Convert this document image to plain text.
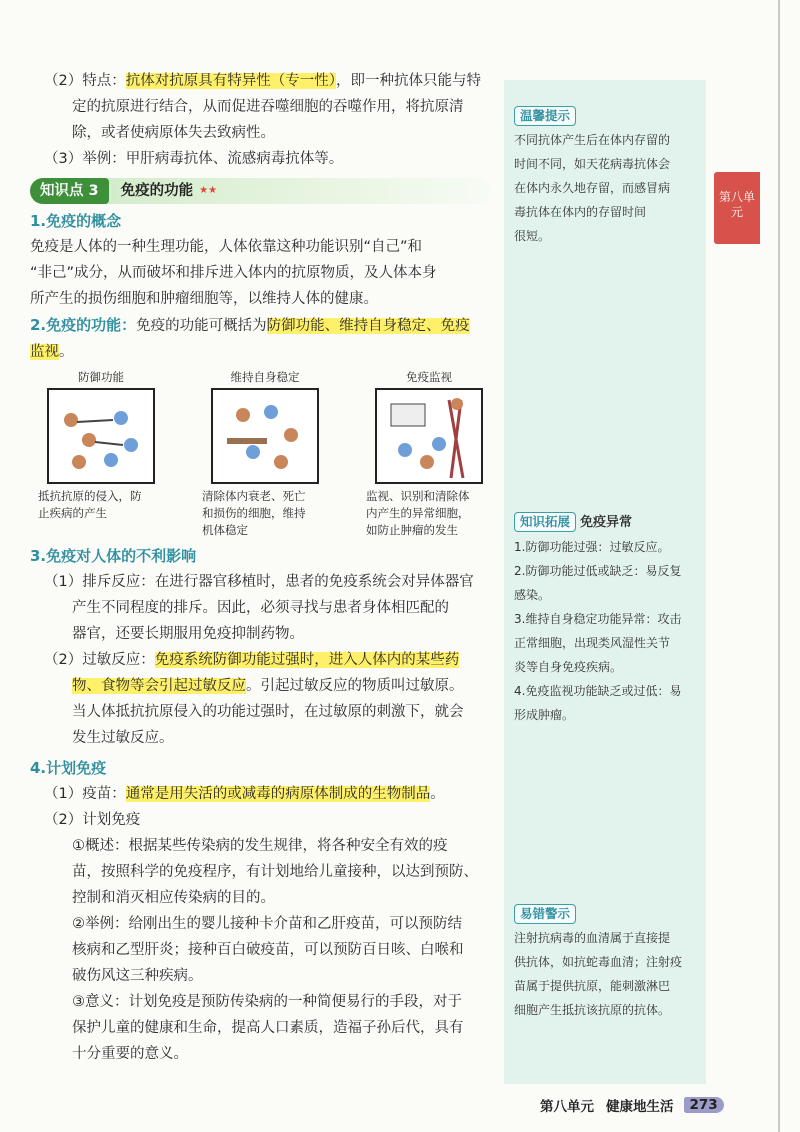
第八单元

（2）特点：抗体对抗原具有特异性（专一性），即一种抗体只能与特

定的抗原进行结合，从而促进吞噬细胞的吞噬作用，将抗原清

除，或者使病原体失去致病性。

（3）举例：甲肝病毒抗体、流感病毒抗体等。

知识点 3	免疫的功能 ★★
1.免疫的概念

免疫是人体的一种生理功能，人体依靠这种功能识别“自己”和

“非己”成分，从而破坏和排斥进入体内的抗原物质，及人体本身

所产生的损伤细胞和肿瘤细胞等，以维持人体的健康。

2.免疫的功能：免疫的功能可概括为防御功能、维持自身稳定、免疫

监视。

防御功能
抵抗抗原的侵入，防
止疾病的产生
维持自身稳定
清除体内衰老、死亡
和损伤的细胞，维持
机体稳定
免疫监视
监视、识别和清除体
内产生的异常细胞，
如防止肿瘤的发生
3.免疫对人体的不利影响

（1）排斥反应：在进行器官移植时，患者的免疫系统会对异体器官

产生不同程度的排斥。因此，必须寻找与患者身体相匹配的

器官，还要长期服用免疫抑制药物。

（2）过敏反应：免疫系统防御功能过强时，进入人体内的某些药

物、食物等会引起过敏反应。引起过敏反应的物质叫过敏原。

当人体抵抗抗原侵入的功能过强时，在过敏原的刺激下，就会

发生过敏反应。

4.计划免疫

（1）疫苗：通常是用失活的或减毒的病原体制成的生物制品。

（2）计划免疫

①概述：根据某些传染病的发生规律，将各种安全有效的疫

苗，按照科学的免疫程序，有计划地给儿童接种，以达到预防、

控制和消灭相应传染病的目的。

②举例：给刚出生的婴儿接种卡介苗和乙肝疫苗，可以预防结

核病和乙型肝炎；接种百白破疫苗，可以预防百日咳、白喉和

破伤风这三种疾病。

③意义：计划免疫是预防传染病的一种简便易行的手段，对于

保护儿童的健康和生命，提高人口素质，造福子孙后代，具有

十分重要的意义。

温馨提示
不同抗体产生后在体内存留的
时间不同，如天花病毒抗体会
在体内永久地存留，而感冒病
毒抗体在体内的存留时间
很短。
知识拓展 免疫异常
1.防御功能过强：过敏反应。
2.防御功能过低或缺乏：易反复
感染。
3.维持自身稳定功能异常：攻击
正常细胞，出现类风湿性关节
炎等自身免疫疾病。
4.免疫监视功能缺乏或过低：易
形成肿瘤。
易错警示
注射抗病毒的血清属于直接提
供抗体，如抗蛇毒血清；注射疫
苗属于提供抗原，能刺激淋巴
细胞产生抵抗该抗原的抗体。
第八单元 健康地生活	273
